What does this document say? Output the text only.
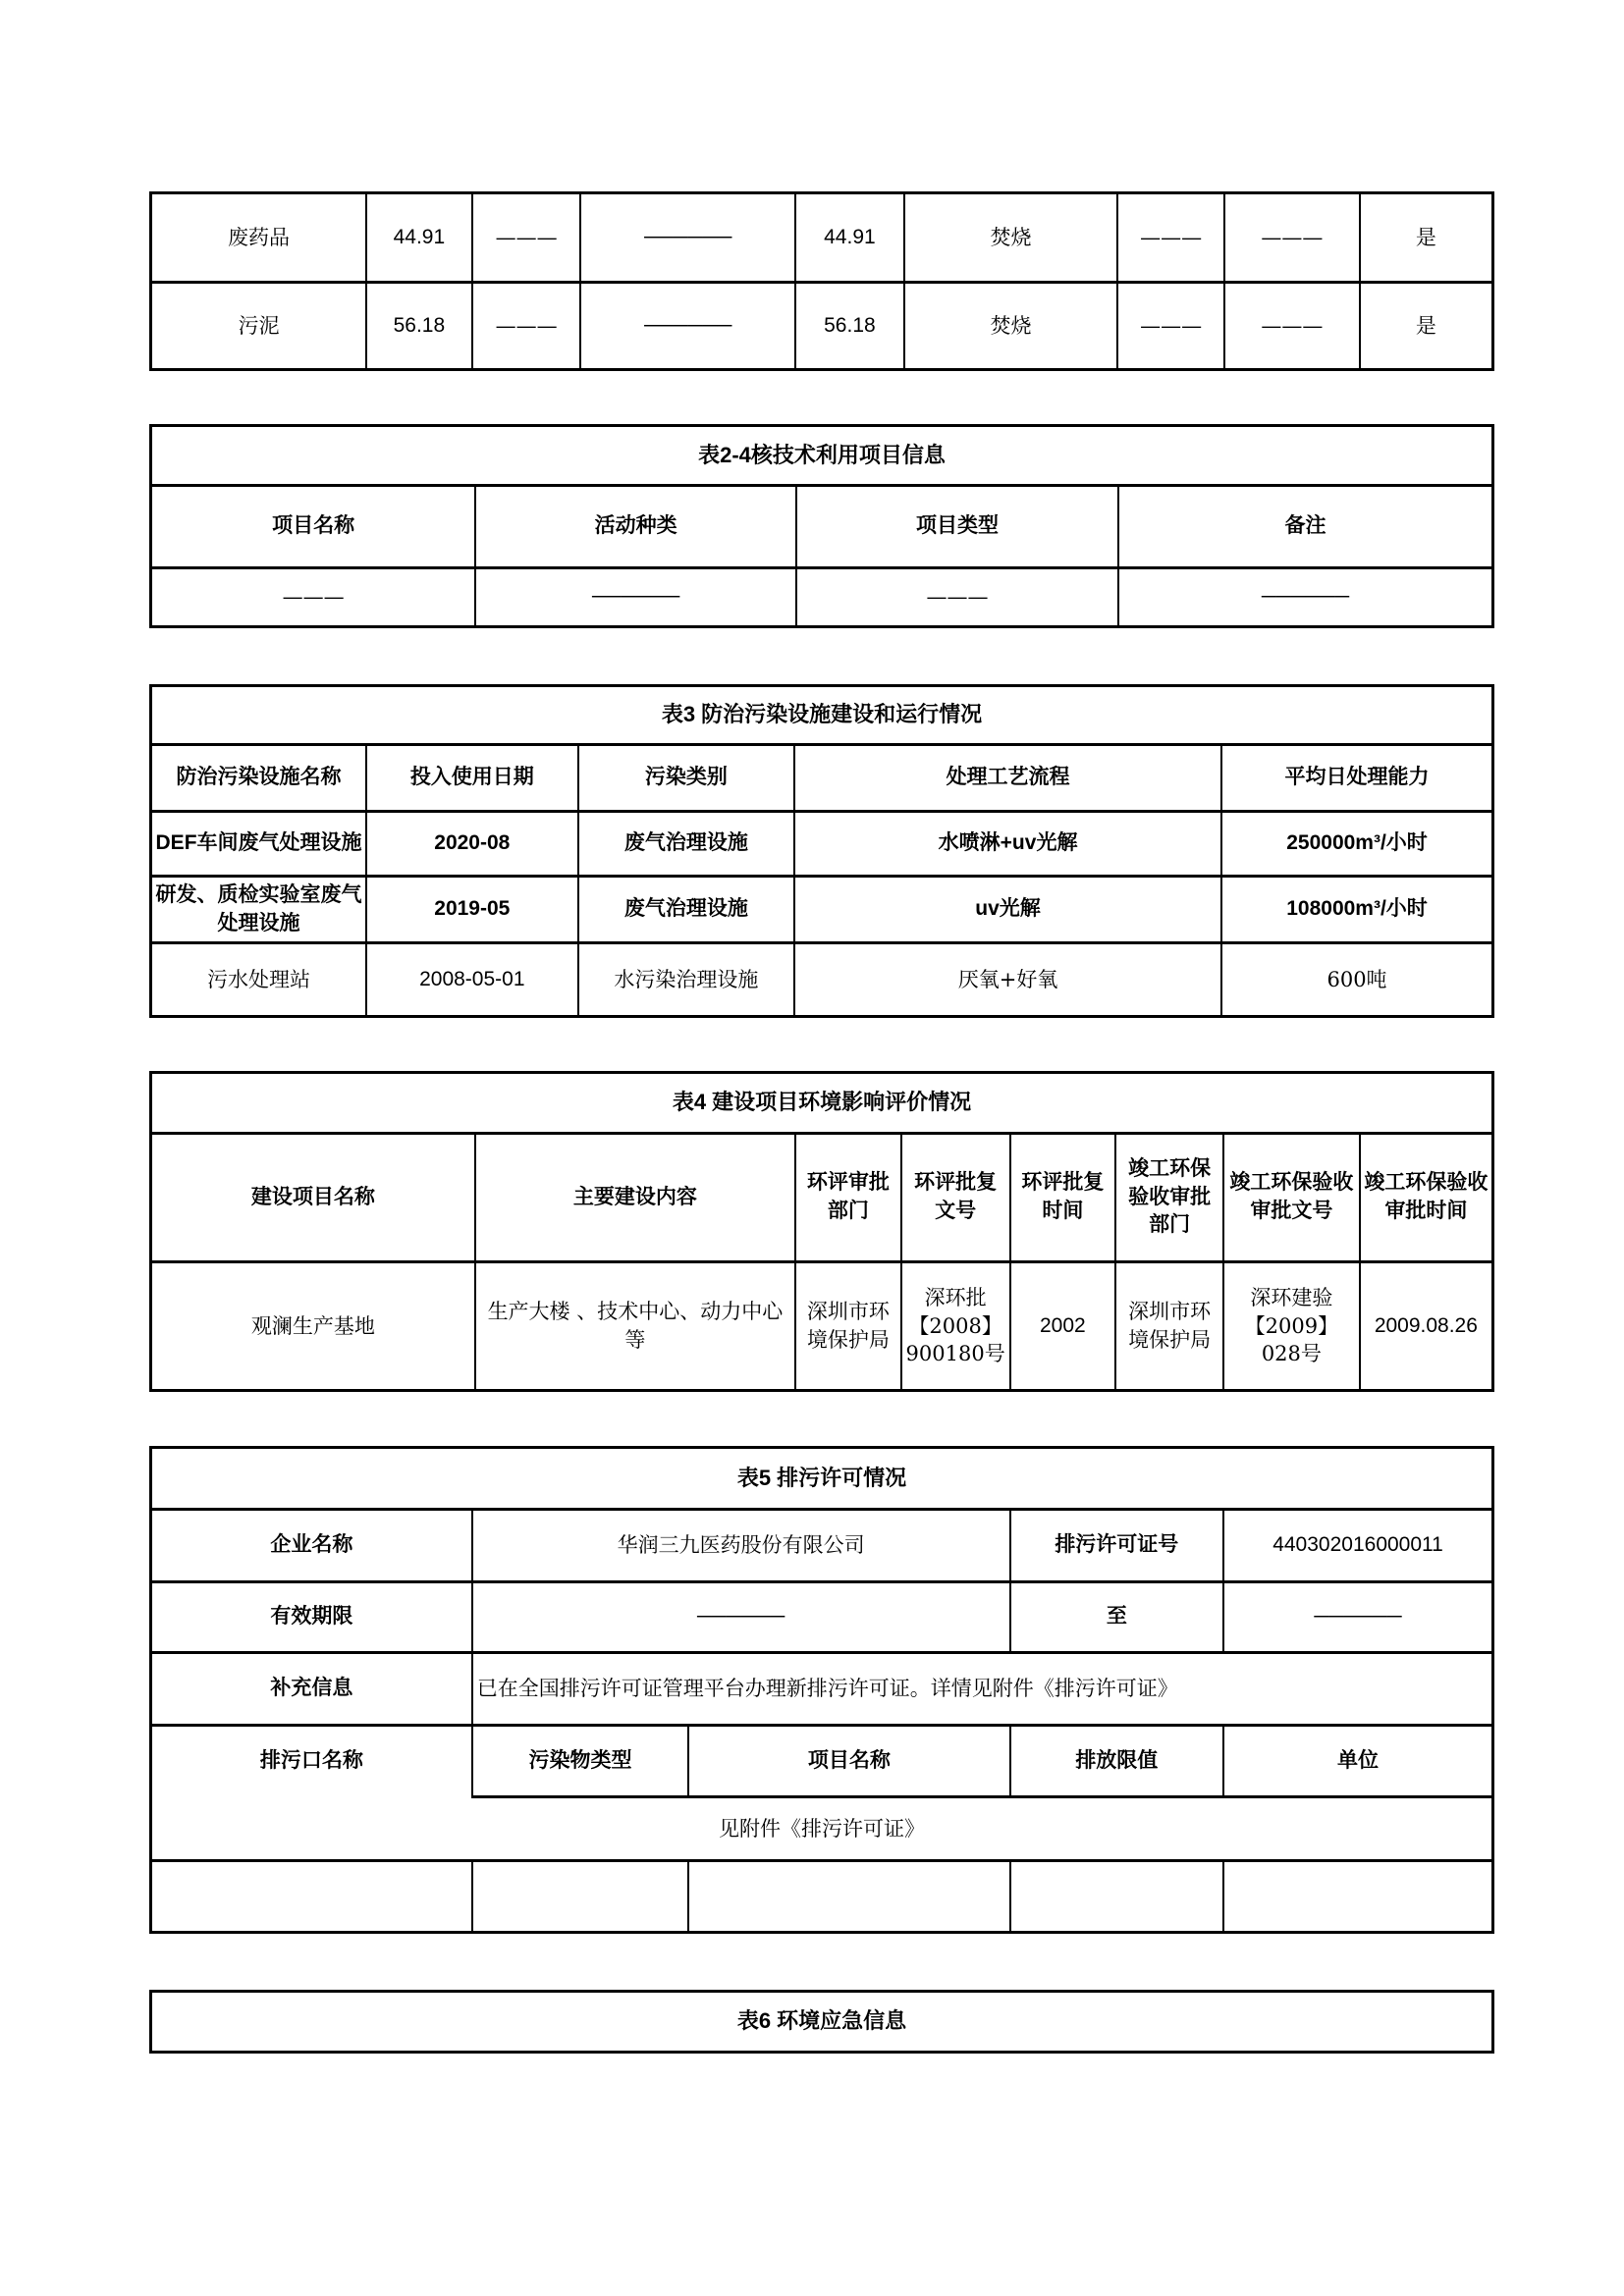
废药品	44.91	———	──────	44.91	焚烧	———	———	是
污泥	56.18	———	──────	56.18	焚烧	———	———	是
表2-4核技术利用项目信息			
项目名称	活动种类	项目类型	备注
———	──────	———	──────
表3 防治污染设施建设和运行情况				
防治污染设施名称	投入使用日期	污染类别	处理工艺流程	平均日处理能力
DEF车间废气处理设施	2020-08	废气治理设施	水喷淋+uv光解	250000m³/小时
研发、质检实验室废气处理设施	2019-05	废气治理设施	uv光解	108000m³/小时
污水处理站	2008-05-01	水污染治理设施	厌氧+好氧	600吨
表4 建设项目环境影响评价情况							
建设项目名称	主要建设内容	环评审批部门	环评批复文号	环评批复时间	竣工环保验收审批部门	竣工环保验收审批文号	竣工环保验收审批时间
观澜生产基地	生产大楼 、技术中心、动力中心等	深圳市环境保护局	深环批【2008】900180号	2002	深圳市环境保护局	深环建验【2009】028号	2009.08.26
表5 排污许可情况				
企业名称	华润三九医药股份有限公司		排污许可证号	440302016000011
有效期限	──────		至	──────
补充信息	已在全国排污许可证管理平台办理新排污许可证。详情见附件《排污许可证》			
排污口名称	污染物类型	项目名称	排放限值	单位
见附件《排污许可证》				

表6 环境应急信息
